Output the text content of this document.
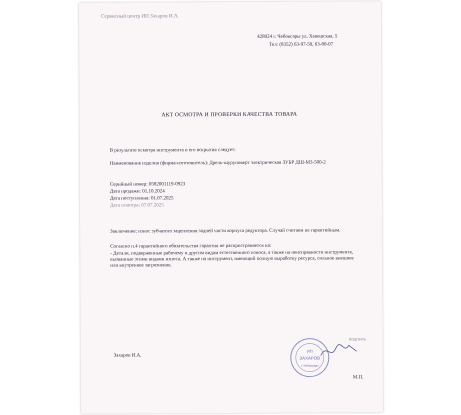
Сервисный центр ИП Захаров И.А.
428024 г. Чебоксары ул. Хевешская, 5
Тел: (8352) 63-97-50, 63-80-07
АКТ ОСМОТРА И ПРОВЕРКИ КАЧЕСТВА ТОВАРА
В результате осмотра инструмента и его вскрытия следует:
Наименование изделия (фирма-изготовитель): Дрель-шуруповерт электрическая ЗУБР ДШ-М3-500-2
Серийный номер: 0582001119-0923
Дата продажи: 01.10.2024
Дата поступления: 01.07.2025
Дата осмотра: 07.07.2025
Заключение: износ зубчатого зацепления задней части корпуса редуктора. Случай считаем не гарантийным.
Согласно п.4 гарантийного обязательства гарантия не распространяется на:
- Детали, подверженные рабочему и другим видам естественного износа, а также на неисправности инструмента, вызванные этими видами износа. А также на инструмент, имеющий полную выработку ресурса, сильное внешнее или внутреннее загрязнение.
Захаров И.А.
ИП
ЗАХАРОВ
г. Чебоксары
подпись
М.П.
